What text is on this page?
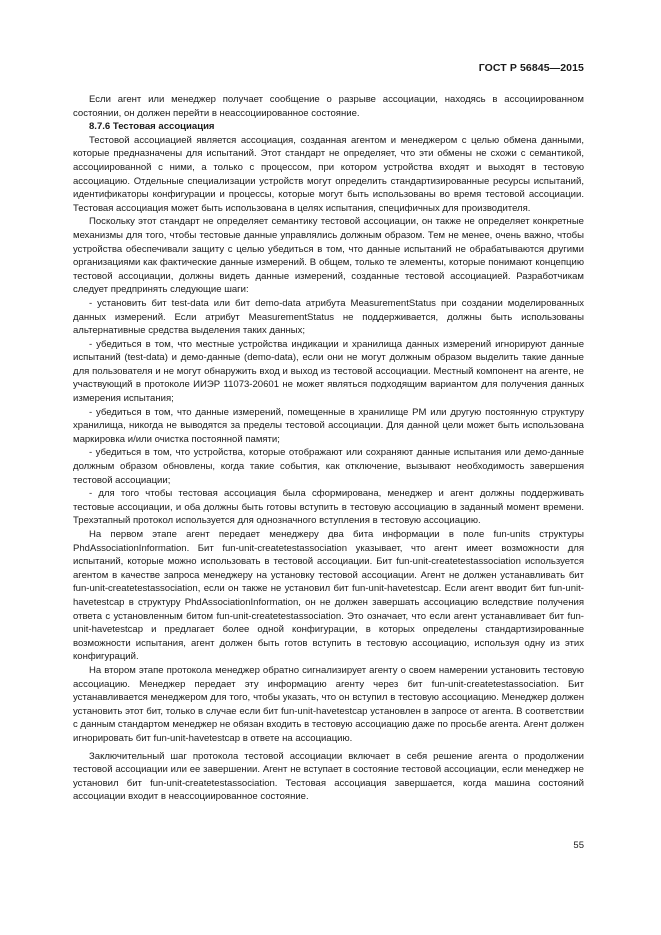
ГОСТ Р 56845—2015

Если агент или менеджер получает сообщение о разрыве ассоциации, находясь в ассоциированном состоянии, он должен перейти в неассоциированное состояние.

8.7.6 Тестовая ассоциация

Тестовой ассоциацией является ассоциация, созданная агентом и менеджером с целью обмена данными, которые предназначены для испытаний. Этот стандарт не определяет, что эти обмены не схожи с семантикой, ассоциированной с ними, а только с процессом, при котором устройства входят и выходят в тестовую ассоциацию. Отдельные специализации устройств могут определить стандартизированные ресурсы испытаний, идентификаторы конфигурации и процессы, которые могут быть использованы во время тестовой ассоциации. Тестовая ассоциация может быть использована в целях испытания, специфичных для производителя.

Поскольку этот стандарт не определяет семантику тестовой ассоциации, он также не определяет конкретные механизмы для того, чтобы тестовые данные управлялись должным образом. Тем не менее, очень важно, чтобы устройства обеспечивали защиту с целью убедиться в том, что данные испытаний не обрабатываются другими организациями как фактические данные измерений. В общем, только те элементы, которые понимают концепцию тестовой ассоциации, должны видеть данные измерений, созданные тестовой ассоциацией. Разработчикам следует предпринять следующие шаги:

- установить бит test-data или бит demo-data атрибута MeasurementStatus при создании моделированных данных измерений. Если атрибут MeasurementStatus не поддерживается, должны быть использованы альтернативные средства выделения таких данных;

- убедиться в том, что местные устройства индикации и хранилища данных измерений игнорируют данные испытаний (test-data) и демо-данные (demo-data), если они не могут должным образом выделить такие данные для пользователя и не могут обнаружить вход и выход из тестовой ассоциации. Местный компонент на агенте, не участвующий в протоколе ИИЭР 11073-20601 не может являться подходящим вариантом для получения данных измерения испытания;

- убедиться в том, что данные измерений, помещенные в хранилище РМ или другую постоянную структуру хранилища, никогда не выводятся за пределы тестовой ассоциации. Для данной цели может быть использована маркировка и/или очистка постоянной памяти;

- убедиться в том, что устройства, которые отображают или сохраняют данные испытания или демо-данные должным образом обновлены, когда такие события, как отключение, вызывают необходимость завершения тестовой ассоциации;

- для того чтобы тестовая ассоциация была сформирована, менеджер и агент должны поддерживать тестовые ассоциации, и оба должны быть готовы вступить в тестовую ассоциацию в заданный момент времени. Трехэтапный протокол используется для однозначного вступления в тестовую ассоциацию.

На первом этапе агент передает менеджеру два бита информации в поле fun-units структуры PhdAssociationInformation. Бит fun-unit-createtestassociation указывает, что агент имеет возможности для испытаний, которые можно использовать в тестовой ассоциации. Бит fun-unit-createtestassociation используется агентом в качестве запроса менеджеру на установку тестовой ассоциации. Агент не должен устанавливать бит fun-unit-createtestassociation, если он также не установил бит fun-unit-havetestcap. Если агент вводит бит fun-unit-havetestcap в структуру PhdAssociationInformation, он не должен завершать ассоциацию вследствие получения ответа с установленным битом fun-unit-createtestassociation. Это означает, что если агент устанавливает бит fun-unit-havetestcap и предлагает более одной конфигурации, в которых определены стандартизированные возможности испытания, агент должен быть готов вступить в тестовую ассоциацию, используя одну из этих конфигураций.

На втором этапе протокола менеджер обратно сигнализирует агенту о своем намерении установить тестовую ассоциацию. Менеджер передает эту информацию агенту через бит fun-unit-createtestassociation. Бит устанавливается менеджером для того, чтобы указать, что он вступил в тестовую ассоциацию. Менеджер должен установить этот бит, только в случае если бит fun-unit-havetestcap установлен в запросе от агента. В соответствии с данным стандартом менеджер не обязан входить в тестовую ассоциацию даже по просьбе агента. Агент должен игнорировать бит fun-unit-havetestcap в ответе на ассоциацию.

Заключительный шаг протокола тестовой ассоциации включает в себя решение агента о продолжении тестовой ассоциации или ее завершении. Агент не вступает в состояние тестовой ассоциации, если менеджер не установил бит fun-unit-createtestassociation. Тестовая ассоциация завершается, когда машина состояний ассоциации входит в неассоциированное состояние.

55
